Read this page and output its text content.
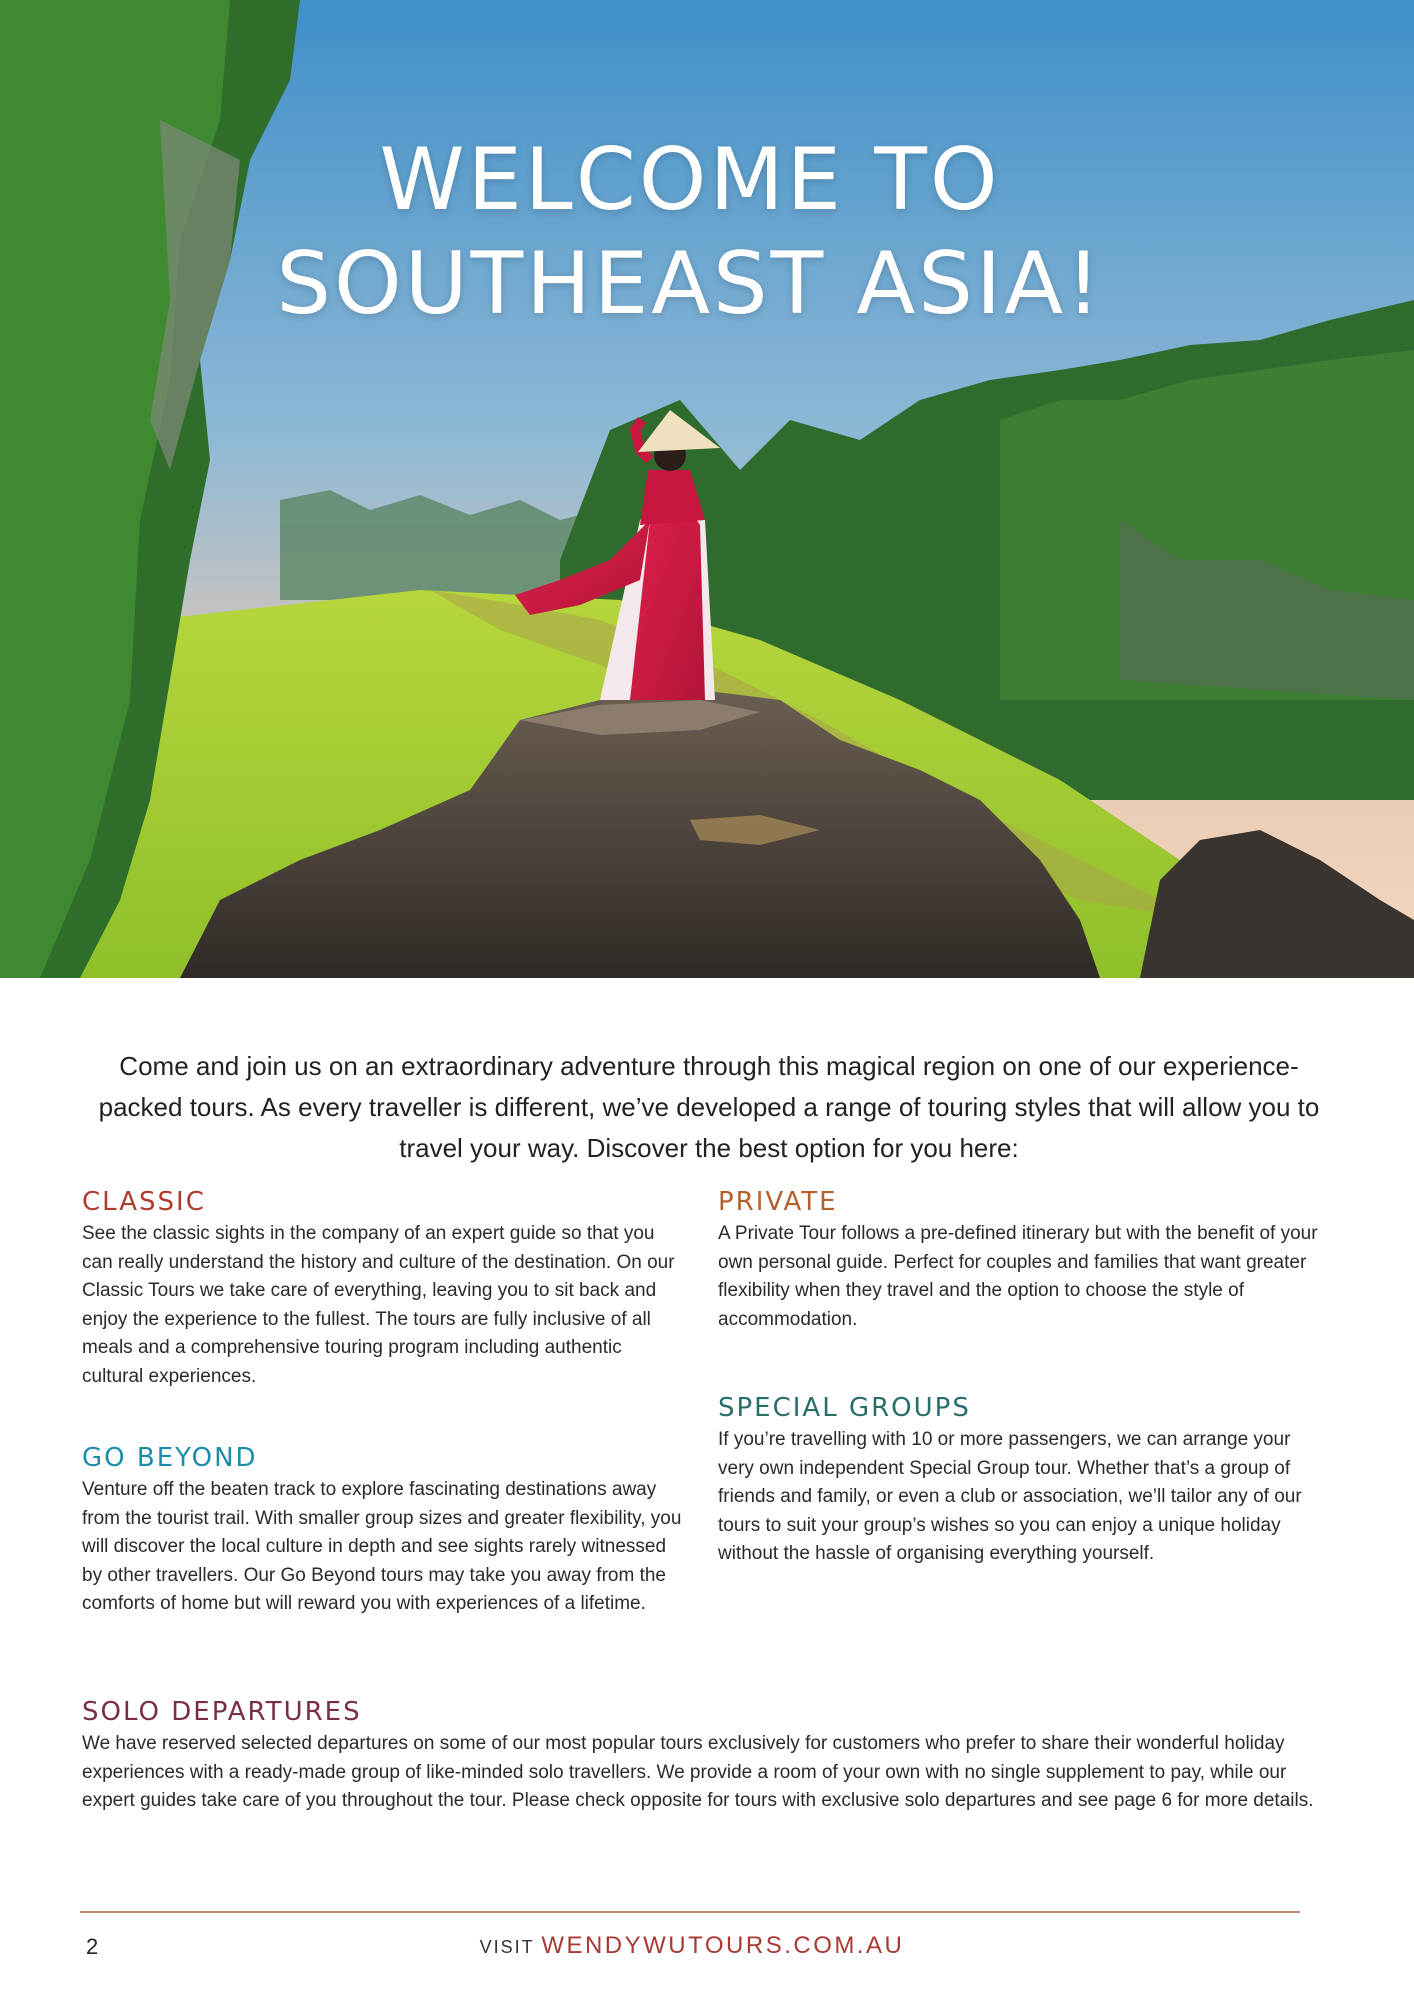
WELCOME TO
SOUTHEAST ASIA!

Come and join us on an extraordinary adventure through this magical region on one of our experience-packed tours. As every traveller is different, we’ve developed a range of touring styles that will allow you to travel your way. Discover the best option for you here:

CLASSIC

See the classic sights in the company of an expert guide so that you can really understand the history and culture of the destination. On our Classic Tours we take care of everything, leaving you to sit back and enjoy the experience to the fullest. The tours are fully inclusive of all meals and a comprehensive touring program including authentic cultural experiences.

PRIVATE

A Private Tour follows a pre-defined itinerary but with the benefit of your own personal guide. Perfect for couples and families that want greater flexibility when they travel and the option to choose the style of accommodation.

GO BEYOND

Venture off the beaten track to explore fascinating destinations away from the tourist trail. With smaller group sizes and greater flexibility, you will discover the local culture in depth and see sights rarely witnessed by other travellers. Our Go Beyond tours may take you away from the comforts of home but will reward you with experiences of a lifetime.

SPECIAL GROUPS

If you’re travelling with 10 or more passengers, we can arrange your very own independent Special Group tour. Whether that’s a group of friends and family, or even a club or association, we’ll tailor any of our tours to suit your group’s wishes so you can enjoy a unique holiday without the hassle of organising everything yourself.

SOLO DEPARTURES

We have reserved selected departures on some of our most popular tours exclusively for customers who prefer to share their wonderful holiday experiences with a ready-made group of like-minded solo travellers. We provide a room of your own with no single supplement to pay, while our expert guides take care of you throughout the tour. Please check opposite for tours with exclusive solo departures and see page 6 for more details.

2	VISIT WENDYWUTOURS.COM.AU
